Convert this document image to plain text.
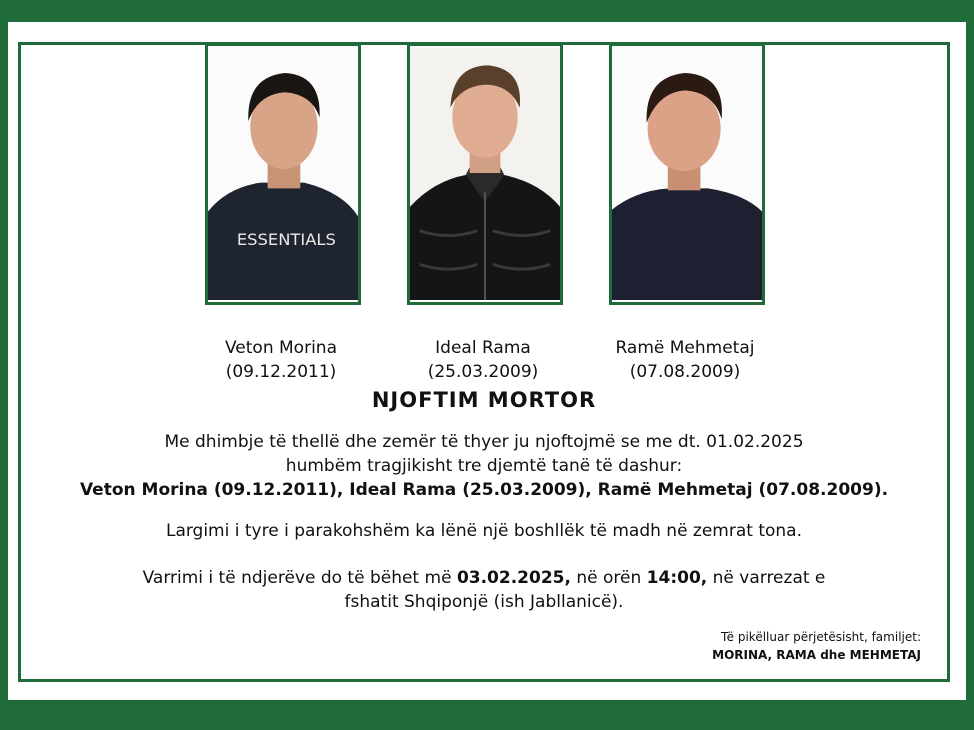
ESSENTIALS
Veton Morina
(09.12.2011)
Ideal Rama
(25.03.2009)
Ramë Mehmetaj
(07.08.2009)
NJOFTIM MORTOR
Me dhimbje të thellë dhe zemër të thyer ju njoftojmë se me dt. 01.02.2025
humbëm tragjikisht tre djemtë tanë të dashur:
Veton Morina (09.12.2011), Ideal Rama (25.03.2009), Ramë Mehmetaj (07.08.2009).
Largimi i tyre i parakohshëm ka lënë një boshllëk të madh në zemrat tona.
Varrimi i të ndjerëve do të bëhet më 03.02.2025, në orën 14:00, në varrezat e
fshatit Shqiponjë (ish Jabllanicë).
Të pikëlluar përjetësisht, familjet:
MORINA, RAMA dhe MEHMETAJ
